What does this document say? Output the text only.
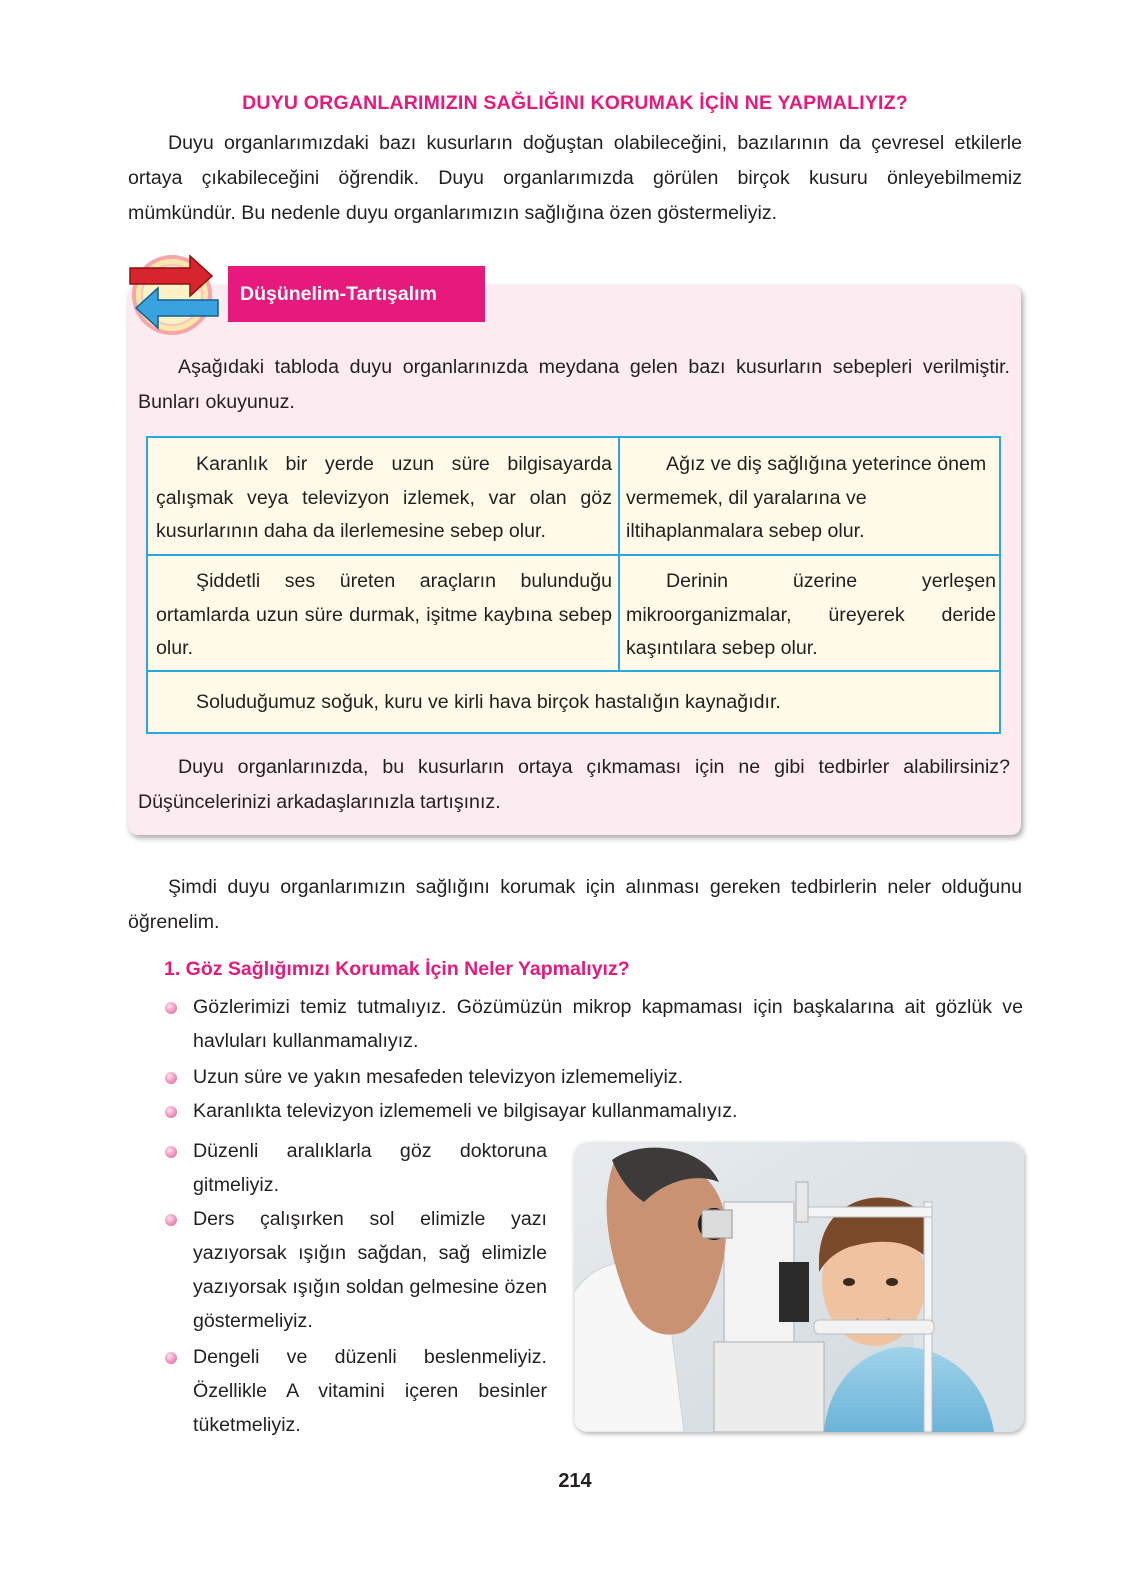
DUYU ORGANLARIMIZIN SAĞLIĞINI KORUMAK İÇİN NE YAPMALIYIZ?
Duyu organlarımızdaki bazı kusurların doğuştan olabileceğini, bazılarının da çevresel etkilerle ortaya çıkabileceğini öğrendik. Duyu organlarımızda görülen birçok kusuru önleyebilmemiz mümkündür. Bu nedenle duyu organlarımızın sağlığına özen göstermeliyiz.
Düşünelim-Tartışalım
Aşağıdaki tabloda duyu organlarınızda meydana gelen bazı kusurların sebepleri verilmiştir. Bunları okuyunuz.
Karanlık bir yerde uzun süre bilgisayarda çalışmak veya televizyon izlemek, var olan göz kusurlarının daha da ilerlemesine sebep olur.
Ağız ve diş sağlığına yeterince önem vermemek, dil yaralarına ve iltihaplanmalara sebep olur.
Şiddetli ses üreten araçların bulunduğu ortamlarda uzun süre durmak, işitme kaybına sebep olur.
Derinin üzerine yerleşen mikroorganizmalar, üreyerek deride kaşıntılara sebep olur.
Soluduğumuz soğuk, kuru ve kirli hava birçok hastalığın kaynağıdır.
Duyu organlarınızda, bu kusurların ortaya çıkmaması için ne gibi tedbirler alabilirsiniz? Düşüncelerinizi arkadaşlarınızla tartışınız.
Şimdi duyu organlarımızın sağlığını korumak için alınması gereken tedbirlerin neler olduğunu öğrenelim.
1. Göz Sağlığımızı Korumak İçin Neler Yapmalıyız?
Gözlerimizi temiz tutmalıyız. Gözümüzün mikrop kapmaması için başkalarına ait gözlük ve havluları kullanmamalıyız.
Uzun süre ve yakın mesafeden televizyon izlememeliyiz.
Karanlıkta televizyon izlememeli ve bilgisayar kullanmamalıyız.
Düzenli aralıklarla göz doktoruna gitmeliyiz.
Ders çalışırken sol elimizle yazı yazıyorsak ışığın sağdan, sağ elimizle yazıyorsak ışığın soldan gelmesine özen göstermeliyiz.
Dengeli ve düzenli beslenmeliyiz. Özellikle A vitamini içeren besinler tüketmeliyiz.
214
